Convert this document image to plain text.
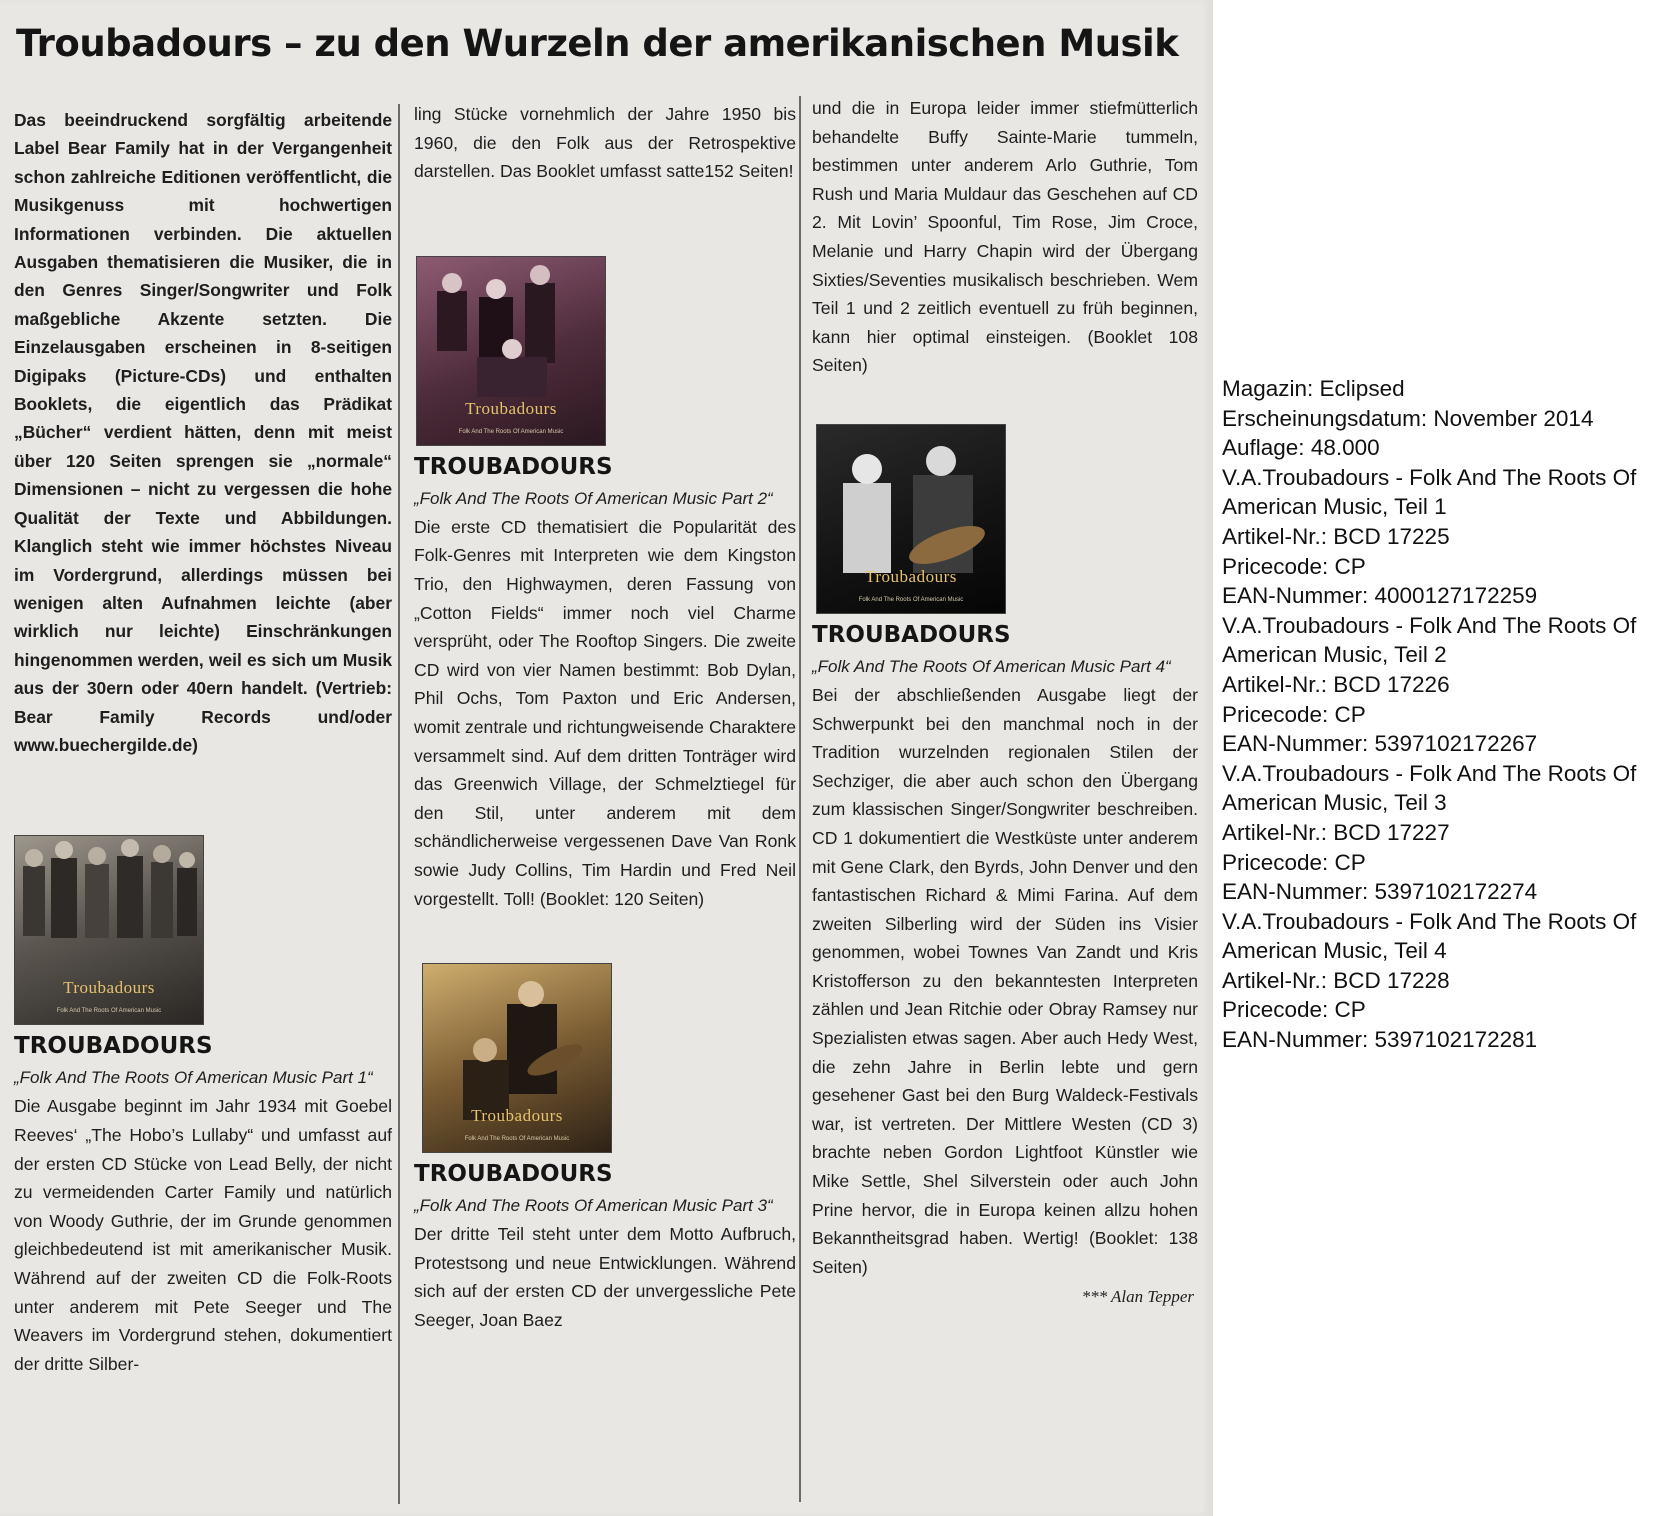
Troubadours – zu den Wurzeln der amerikanischen Musik

Das beeindruckend sorgfältig arbeitende Label Bear Family hat in der Vergangenheit schon zahlreiche Editionen veröffentlicht, die Musikgenuss mit hochwertigen Informationen verbinden. Die aktuellen Ausgaben thematisieren die Musiker, die in den Genres Singer/Songwriter und Folk maßgebliche Akzente setzten. Die Einzelausgaben erscheinen in 8-seitigen Digipaks (Picture-CDs) und enthalten Booklets, die eigentlich das Prädikat „Bücher“ verdient hätten, denn mit meist über 120 Seiten sprengen sie „normale“ Dimensionen – nicht zu vergessen die hohe Qualität der Texte und Abbildungen. Klanglich steht wie immer höchstes Niveau im Vordergrund, allerdings müssen bei wenigen alten Aufnahmen leichte (aber wirklich nur leichte) Einschränkungen hingenommen werden, weil es sich um Musik aus der 30ern oder 40ern handelt. (Vertrieb: Bear Family Records und/oder www.buechergilde.de)

Troubadours
Folk And The Roots Of American Music
TROUBADOURS

„Folk And The Roots Of American Music Part 1“

Die Ausgabe beginnt im Jahr 1934 mit Goebel Reeves‘ „The Hobo’s Lullaby“ und umfasst auf der ersten CD Stücke von Lead Belly, der nicht zu vermeidenden Carter Family und natürlich von Woody Guthrie, der im Grunde genommen gleichbedeutend ist mit amerikanischer Musik. Während auf der zweiten CD die Folk-Roots unter anderem mit Pete Seeger und The Weavers im Vordergrund stehen, dokumentiert der dritte Silber-

ling Stücke vornehmlich der Jahre 1950 bis 1960, die den Folk aus der Retrospektive darstellen. Das Booklet umfasst satte152 Seiten!

Troubadours
Folk And The Roots Of American Music
TROUBADOURS

„Folk And The Roots Of American Music Part 2“

Die erste CD thematisiert die Popularität des Folk-Genres mit Interpreten wie dem Kingston Trio, den Highwaymen, deren Fassung von „Cotton Fields“ immer noch viel Charme versprüht, oder The Rooftop Singers. Die zweite CD wird von vier Namen bestimmt: Bob Dylan, Phil Ochs, Tom Paxton und Eric Andersen, womit zentrale und richtungweisende Charaktere versammelt sind. Auf dem dritten Tonträger wird das Greenwich Village, der Schmelztiegel für den Stil, unter anderem mit dem schändlicherweise vergessenen Dave Van Ronk sowie Judy Collins, Tim Hardin und Fred Neil vorgestellt. Toll! (Booklet: 120 Seiten)

Troubadours
Folk And The Roots Of American Music
TROUBADOURS

„Folk And The Roots Of American Music Part 3“

Der dritte Teil steht unter dem Motto Aufbruch, Protestsong und neue Entwicklungen. Während sich auf der ersten CD der unvergessliche Pete Seeger, Joan Baez

und die in Europa leider immer stiefmütterlich behandelte Buffy Sainte-Marie tummeln, bestimmen unter anderem Arlo Guthrie, Tom Rush und Maria Muldaur das Geschehen auf CD 2. Mit Lovin’ Spoonful, Tim Rose, Jim Croce, Melanie und Harry Chapin wird der Übergang Sixties/Seventies musikalisch beschrieben. Wem Teil 1 und 2 zeitlich eventuell zu früh beginnen, kann hier optimal einsteigen. (Booklet 108 Seiten)

Troubadours
Folk And The Roots Of American Music
TROUBADOURS

„Folk And The Roots Of American Music Part 4“

Bei der abschließenden Ausgabe liegt der Schwerpunkt bei den manchmal noch in der Tradition wurzelnden regionalen Stilen der Sechziger, die aber auch schon den Übergang zum klassischen Singer/Songwriter beschreiben. CD 1 dokumentiert die Westküste unter anderem mit Gene Clark, den Byrds, John Denver und den fantastischen Richard & Mimi Farina. Auf dem zweiten Silberling wird der Süden ins Visier genommen, wobei Townes Van Zandt und Kris Kristofferson zu den bekanntesten Interpreten zählen und Jean Ritchie oder Obray Ramsey nur Spezialisten etwas sagen. Aber auch Hedy West, die zehn Jahre in Berlin lebte und gern gesehener Gast bei den Burg Waldeck-Festivals war, ist vertreten. Der Mittlere Westen (CD 3) brachte neben Gordon Lightfoot Künstler wie Mike Settle, Shel Silverstein oder auch John Prine hervor, die in Europa keinen allzu hohen Bekanntheitsgrad haben. Wertig! (Booklet: 138 Seiten)

*** Alan Tepper
Magazin: Eclipsed
Erscheinungsdatum: November 2014
Auflage: 48.000
V.A.Troubadours - Folk And The Roots Of
American Music, Teil 1
Artikel-Nr.: BCD 17225
Pricecode: CP
EAN-Nummer: 4000127172259
V.A.Troubadours - Folk And The Roots Of
American Music, Teil 2
Artikel-Nr.: BCD 17226
Pricecode: CP
EAN-Nummer: 5397102172267
V.A.Troubadours - Folk And The Roots Of
American Music, Teil 3
Artikel-Nr.: BCD 17227
Pricecode: CP
EAN-Nummer: 5397102172274
V.A.Troubadours - Folk And The Roots Of
American Music, Teil 4
Artikel-Nr.: BCD 17228
Pricecode: CP
EAN-Nummer: 5397102172281
